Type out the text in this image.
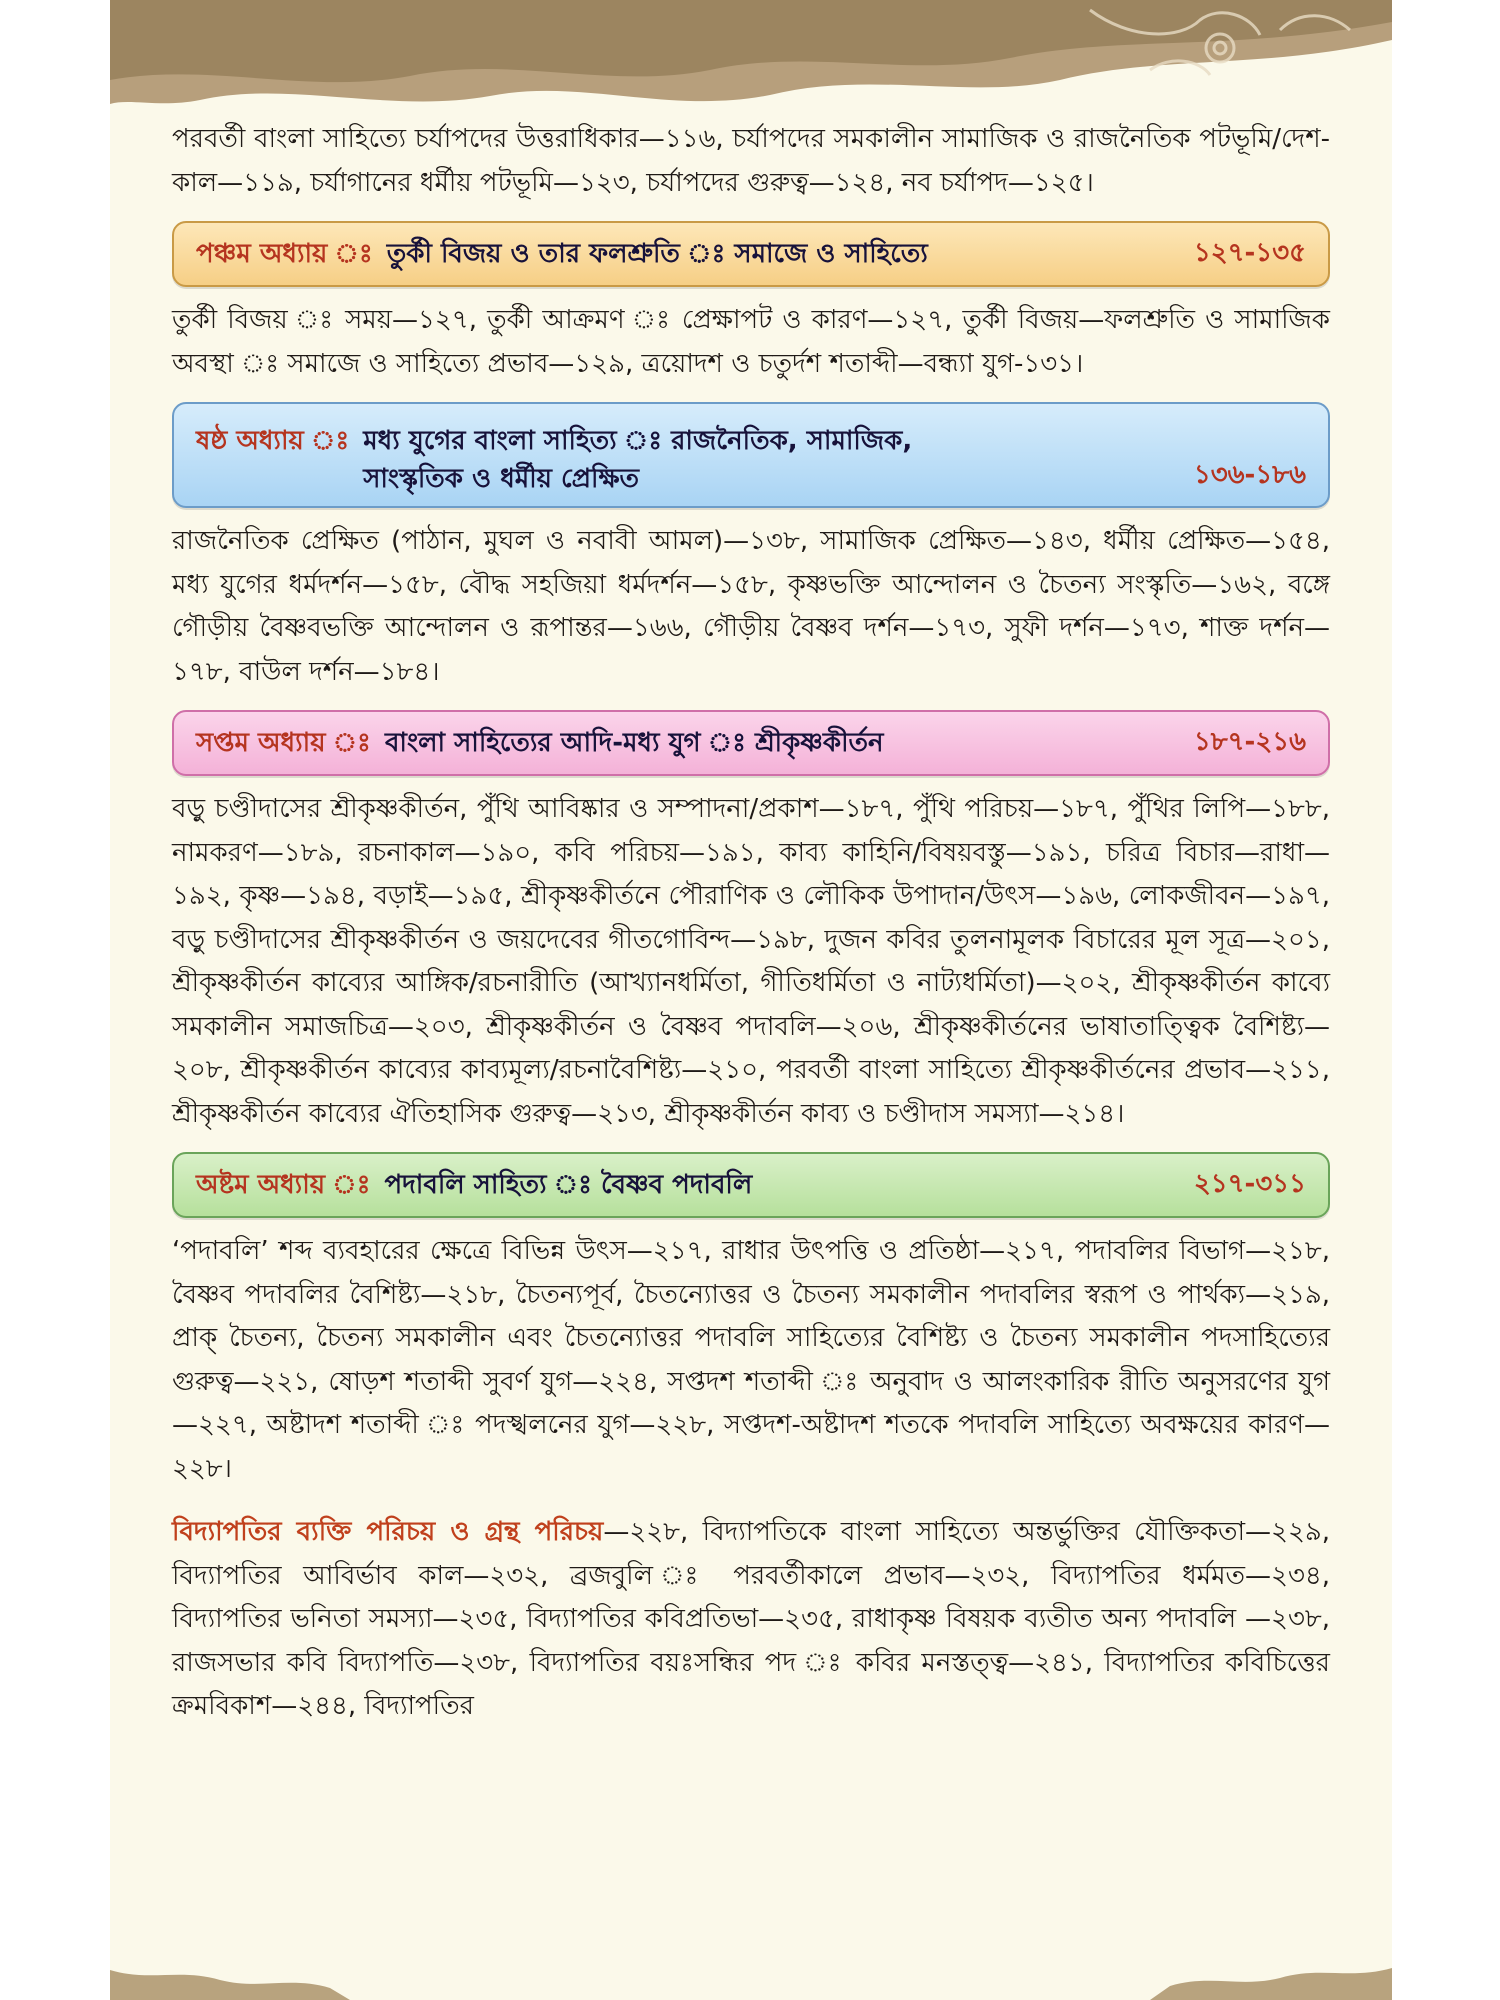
পরবর্তী বাংলা সাহিত্যে চর্যাপদের উত্তরাধিকার—১১৬, চর্যাপদের সমকালীন সামাজিক ও রাজনৈতিক পটভূমি/দেশ-কাল—১১৯, চর্যাগানের ধর্মীয় পটভূমি—১২৩, চর্যাপদের গুরুত্ব—১২৪, নব চর্যাপদ—১২৫।

পঞ্চম অধ্যায় ঃ তুর্কী বিজয় ও তার ফলশ্রুতি ঃ সমাজে ও সাহিত্যে	১২৭-১৩৫

তুর্কী বিজয় ঃ সময়—১২৭, তুর্কী আক্রমণ ঃ প্রেক্ষাপট ও কারণ—১২৭, তুর্কী বিজয়—ফলশ্রুতি ও সামাজিক অবস্থা ঃ সমাজে ও সাহিত্যে প্রভাব—১২৯, ত্রয়োদশ ও চতুর্দশ শতাব্দী—বন্ধ্যা যুগ-১৩১।

ষষ্ঠ অধ্যায় ঃ মধ্য যুগের বাংলা সাহিত্য ঃ রাজনৈতিক, সামাজিক,
সাংস্কৃতিক ও ধর্মীয় প্রেক্ষিত	১৩৬-১৮৬

রাজনৈতিক প্রেক্ষিত (পাঠান, মুঘল ও নবাবী আমল)—১৩৮, সামাজিক প্রেক্ষিত—১৪৩, ধর্মীয় প্রেক্ষিত—১৫৪, মধ্য যুগের ধর্মদর্শন—১৫৮, বৌদ্ধ সহজিয়া ধর্মদর্শন—১৫৮, কৃষ্ণভক্তি আন্দোলন ও চৈতন্য সংস্কৃতি—১৬২, বঙ্গে গৌড়ীয় বৈষ্ণবভক্তি আন্দোলন ও রূপান্তর—১৬৬, গৌড়ীয় বৈষ্ণব দর্শন—১৭৩, সুফী দর্শন—১৭৩, শাক্ত দর্শন—১৭৮, বাউল দর্শন—১৮৪।

সপ্তম অধ্যায় ঃ বাংলা সাহিত্যের আদি-মধ্য যুগ ঃ শ্রীকৃষ্ণকীর্তন	১৮৭-২১৬

বড়ু চণ্ডীদাসের শ্রীকৃষ্ণকীর্তন, পুঁথি আবিষ্কার ও সম্পাদনা/প্রকাশ—১৮৭, পুঁথি পরিচয়—১৮৭, পুঁথির লিপি—১৮৮, নামকরণ—১৮৯, রচনাকাল—১৯০, কবি পরিচয়—১৯১, কাব্য কাহিনি/বিষয়বস্তু—১৯১, চরিত্র বিচার—রাধা—১৯২, কৃষ্ণ—১৯৪, বড়াই—১৯৫, শ্রীকৃষ্ণকীর্তনে পৌরাণিক ও লৌকিক উপাদান/উৎস—১৯৬, লোকজীবন—১৯৭, বড়ু চণ্ডীদাসের শ্রীকৃষ্ণকীর্তন ও জয়দেবের গীতগোবিন্দ—১৯৮, দুজন কবির তুলনামূলক বিচারের মূল সূত্র—২০১, শ্রীকৃষ্ণকীর্তন কাব্যের আঙ্গিক/রচনারীতি (আখ্যানধর্মিতা, গীতিধর্মিতা ও নাট্যধর্মিতা)—২০২, শ্রীকৃষ্ণকীর্তন কাব্যে সমকালীন সমাজচিত্র—২০৩, শ্রীকৃষ্ণকীর্তন ও বৈষ্ণব পদাবলি—২০৬, শ্রীকৃষ্ণকীর্তনের ভাষাতাত্ত্বিক বৈশিষ্ট্য—২০৮, শ্রীকৃষ্ণকীর্তন কাব্যের কাব্যমূল্য/রচনাবৈশিষ্ট্য—২১০, পরবর্তী বাংলা সাহিত্যে শ্রীকৃষ্ণকীর্তনের প্রভাব—২১১, শ্রীকৃষ্ণকীর্তন কাব্যের ঐতিহাসিক গুরুত্ব—২১৩, শ্রীকৃষ্ণকীর্তন কাব্য ও চণ্ডীদাস সমস্যা—২১৪।

অষ্টম অধ্যায় ঃ পদাবলি সাহিত্য ঃ বৈষ্ণব পদাবলি	২১৭-৩১১

‘পদাবলি’ শব্দ ব্যবহারের ক্ষেত্রে বিভিন্ন উৎস—২১৭, রাধার উৎপত্তি ও প্রতিষ্ঠা—২১৭, পদাবলির বিভাগ—২১৮, বৈষ্ণব পদাবলির বৈশিষ্ট্য—২১৮, চৈতন্যপূর্ব, চৈতন্যোত্তর ও চৈতন্য সমকালীন পদাবলির স্বরূপ ও পার্থক্য—২১৯, প্রাক্ চৈতন্য, চৈতন্য সমকালীন এবং চৈতন্যোত্তর পদাবলি সাহিত্যের বৈশিষ্ট্য ও চৈতন্য সমকালীন পদসাহিত্যের গুরুত্ব—২২১, ষোড়শ শতাব্দী সুবর্ণ যুগ—২২৪, সপ্তদশ শতাব্দী ঃ অনুবাদ ও আলংকারিক রীতি অনুসরণের যুগ—২২৭, অষ্টাদশ শতাব্দী ঃ পদস্খলনের যুগ—২২৮, সপ্তদশ-অষ্টাদশ শতকে পদাবলি সাহিত্যে অবক্ষয়ের কারণ—২২৮।

বিদ্যাপতির ব্যক্তি পরিচয় ও গ্রন্থ পরিচয়—২২৮, বিদ্যাপতিকে বাংলা সাহিত্যে অন্তর্ভুক্তির যৌক্তিকতা—২২৯, বিদ্যাপতির আবির্ভাব কাল—২৩২, ব্রজবুলি ঃ পরবর্তীকালে প্রভাব—২৩২, বিদ্যাপতির ধর্মমত—২৩৪, বিদ্যাপতির ভনিতা সমস্যা—২৩৫, বিদ্যাপতির কবিপ্রতিভা—২৩৫, রাধাকৃষ্ণ বিষয়ক ব্যতীত অন্য পদাবলি —২৩৮, রাজসভার কবি বিদ্যাপতি—২৩৮, বিদ্যাপতির বয়ঃসন্ধির পদ ঃ কবির মনস্তত্ত্ব—২৪১, বিদ্যাপতির কবিচিত্তের ক্রমবিকাশ—২৪৪, বিদ্যাপতির
